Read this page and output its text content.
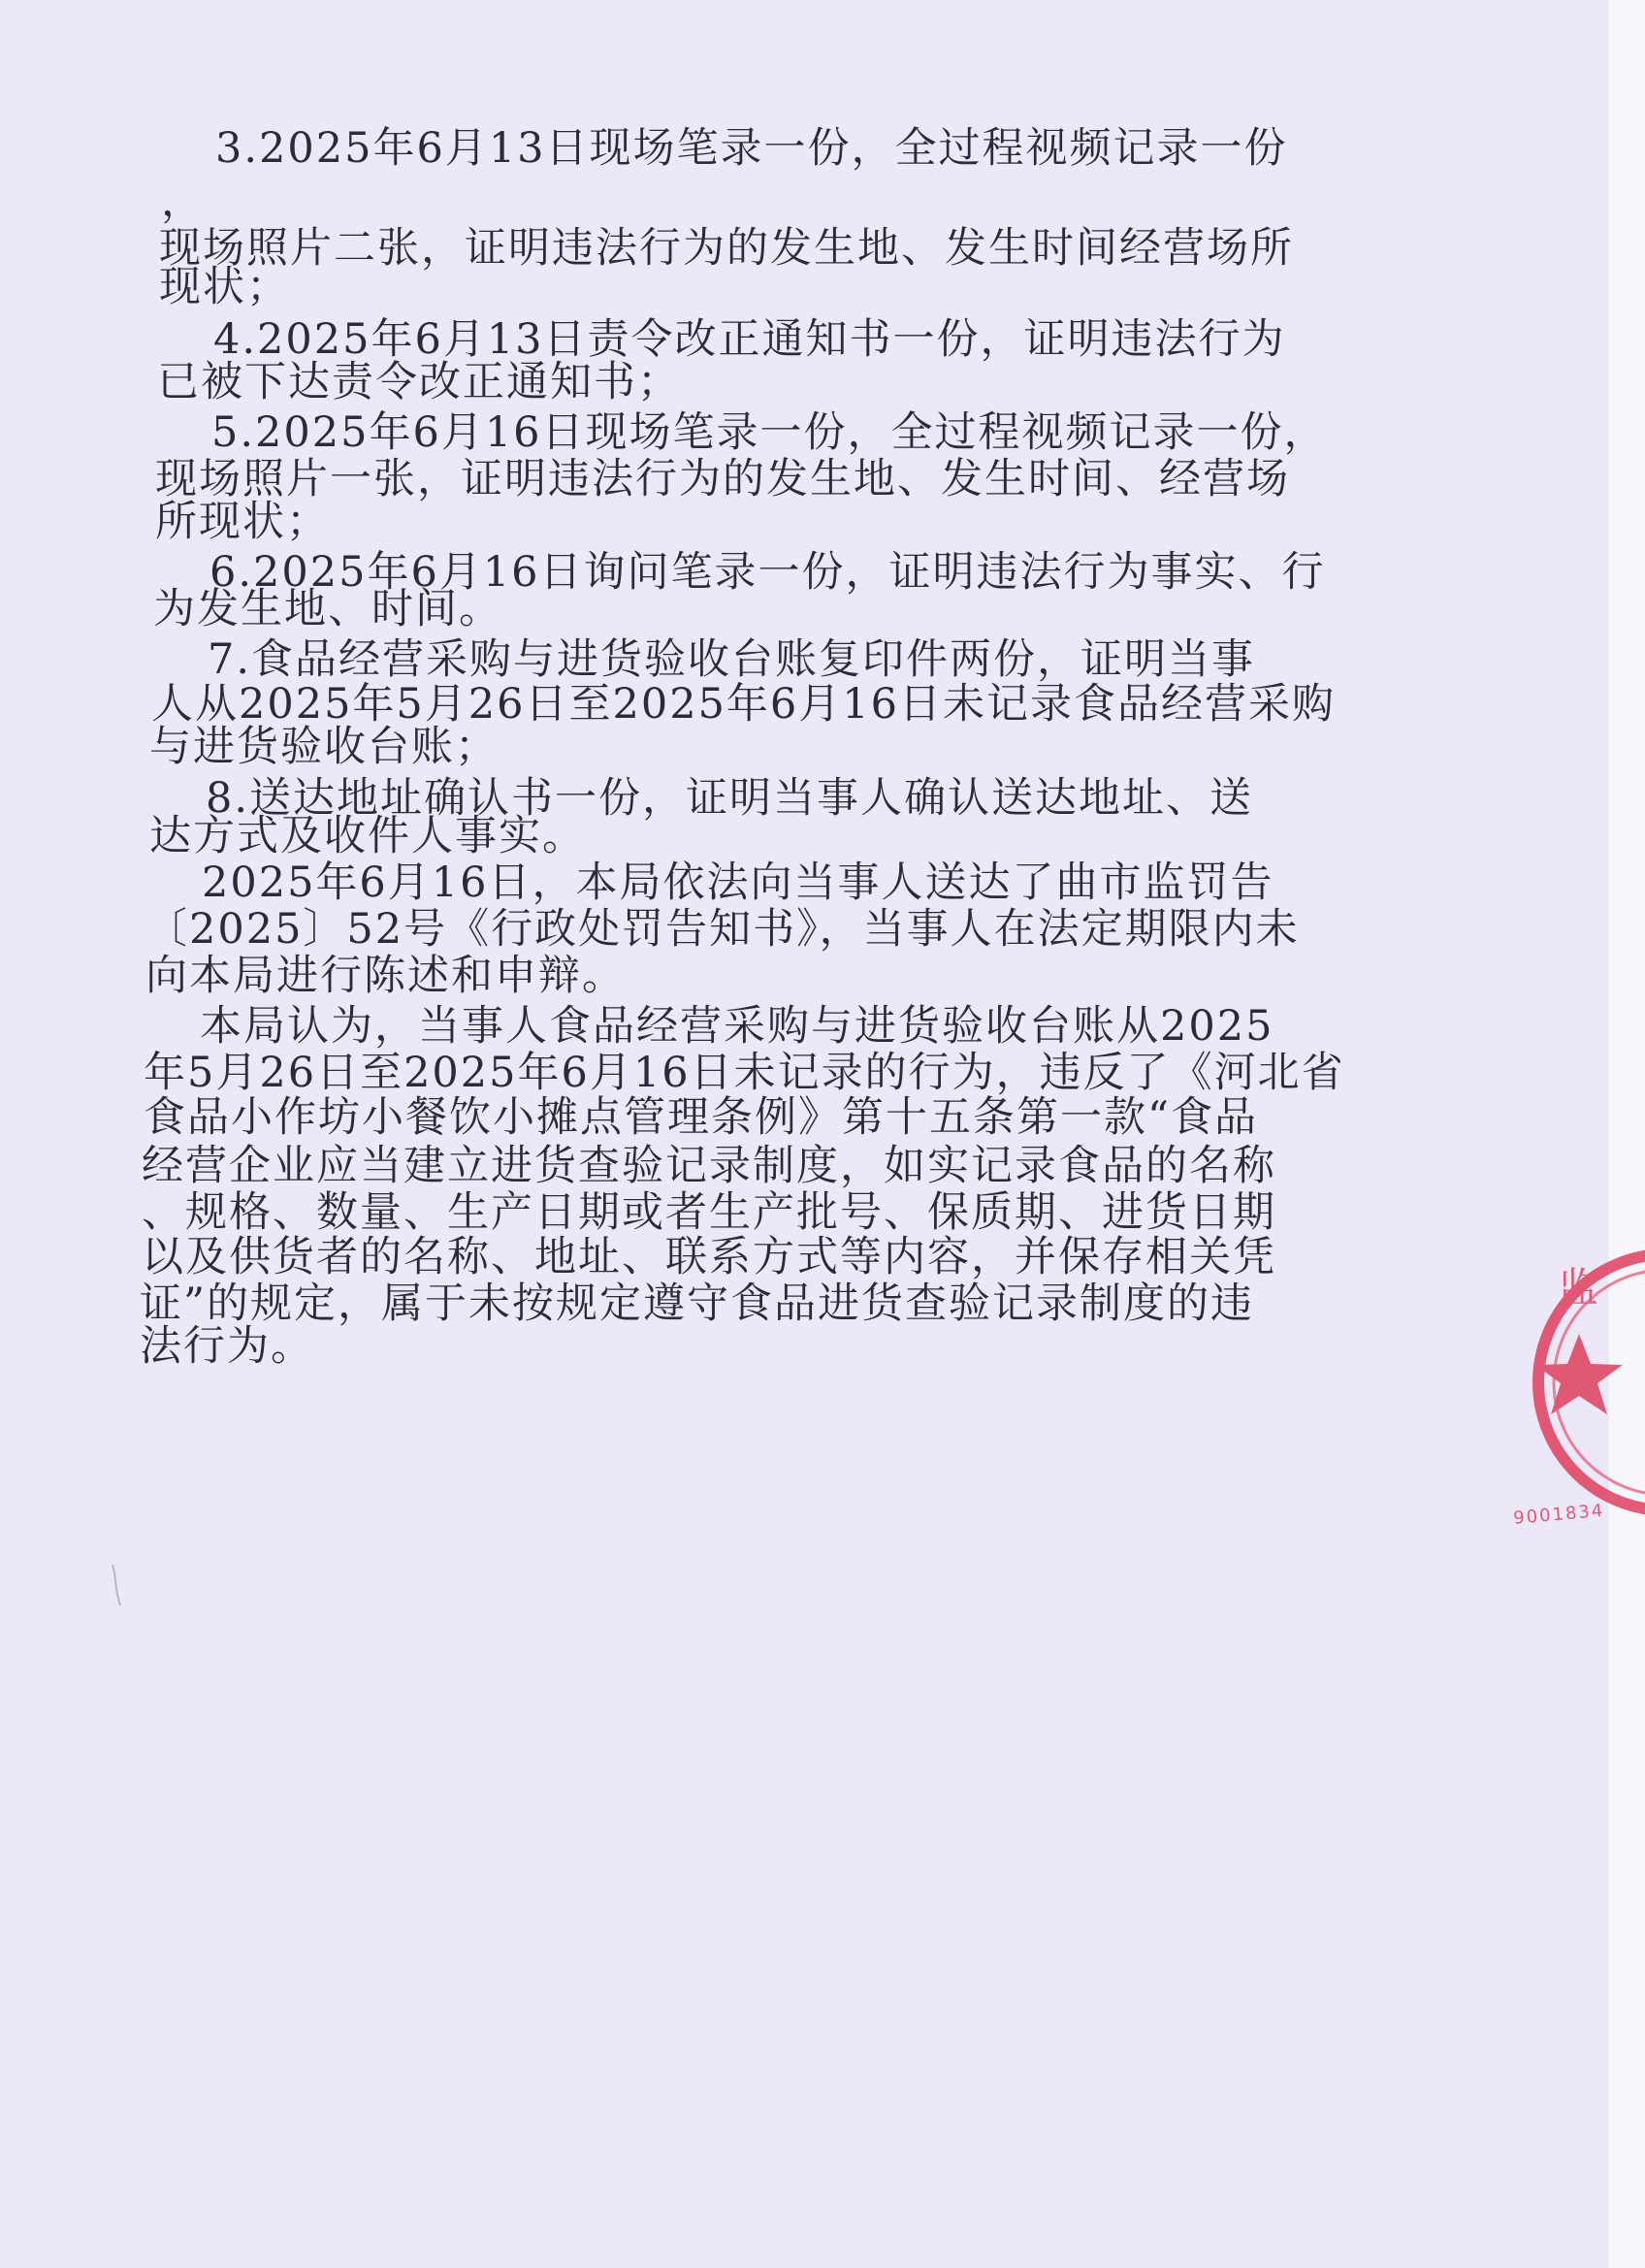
3.2025年6月13日现场笔录一份，全过程视频记录一份
，
现场照片二张，证明违法行为的发生地、发生时间经营场所
现状；
4.2025年6月13日责令改正通知书一份，证明违法行为
已被下达责令改正通知书；
5.2025年6月16日现场笔录一份，全过程视频记录一份，
现场照片一张，证明违法行为的发生地、发生时间、经营场
所现状；
6.2025年6月16日询问笔录一份，证明违法行为事实、行
为发生地、时间。
7.食品经营采购与进货验收台账复印件两份，证明当事
人从2025年5月26日至2025年6月16日未记录食品经营采购
与进货验收台账；
8.送达地址确认书一份，证明当事人确认送达地址、送
达方式及收件人事实。
2025年6月16日，本局依法向当事人送达了曲市监罚告
〔2025〕52号《行政处罚告知书》，当事人在法定期限内未
向本局进行陈述和申辩。
本局认为，当事人食品经营采购与进货验收台账从2025
年5月26日至2025年6月16日未记录的行为，违反了《河北省
食品小作坊小餐饮小摊点管理条例》第十五条第一款“食品
经营企业应当建立进货查验记录制度，如实记录食品的名称
、规格、数量、生产日期或者生产批号、保质期、进货日期
以及供货者的名称、地址、联系方式等内容，并保存相关凭
证”的规定，属于未按规定遵守食品进货查验记录制度的违
法行为。
监
9001834
